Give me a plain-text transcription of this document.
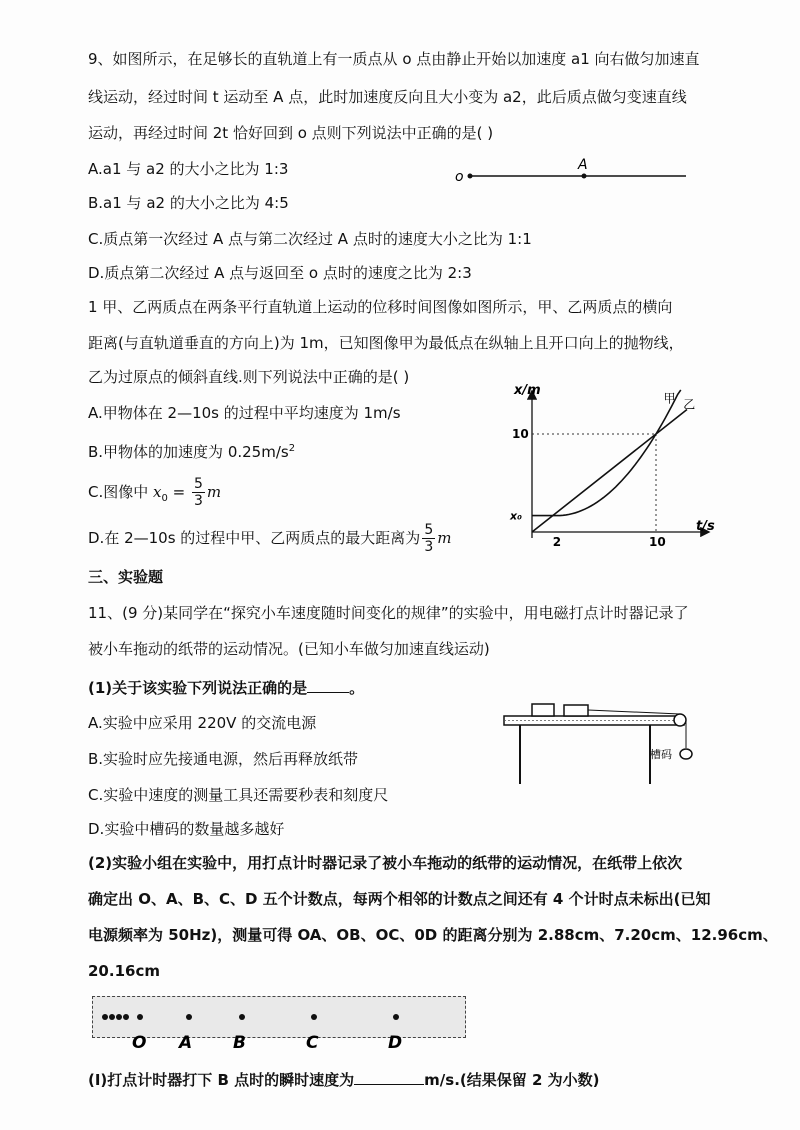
9、如图所示，在足够长的直轨道上有一质点从 o 点由静止开始以加速度 a1 向右做匀加速直
线运动，经过时间 t 运动至 A 点，此时加速度反向且大小变为 a2，此后质点做匀变速直线
运动，再经过时间 2t 恰好回到 o 点则下列说法中正确的是( )
A.a1 与 a2 的大小之比为 1:3
B.a1 与 a2 的大小之比为 4:5
C.质点第一次经过 A 点与第二次经过 A 点时的速度大小之比为 1:1
D.质点第二次经过 A 点与返回至 o 点时的速度之比为 2:3
o
A
1 甲、乙两质点在两条平行直轨道上运动的位移时间图像如图所示，甲、乙两质点的横向
距离(与直轨道垂直的方向上)为 1m，已知图像甲为最低点在纵轴上且开口向上的抛物线，
乙为过原点的倾斜直线.则下列说法中正确的是( )
A.甲物体在 2—10s 的过程中平均速度为 1m/s
B.甲物体的加速度为 $0.25m/s^2$
C.图像中 $x_0 = \frac{5}{3}$ m
D.在 2—10s 的过程中甲、乙两质点的最大距离为 $\frac{5}{3}$ m
x/m
t/s
2	10
x₀
10
甲 乙
三、实验题
11、(9 分)某同学在“探究小车速度随时间变化的规律”的实验中，用电磁打点计时器记录了
被小车拖动的纸带的运动情况。(已知小车做匀加速直线运动)
(1)关于该实验下列说法正确的是	。
A.实验中应采用 220V 的交流电源
B.实验时应先接通电源，然后再释放纸带
C.实验中速度的测量工具还需要秒表和刻度尺
D.实验中槽码的数量越多越好
槽码
(2)实验小组在实验中，用打点计时器记录了被小车拖动的纸带的运动情况，在纸带上依次
确定出 O、A、B、C、D 五个计数点，每两个相邻的计数点之间还有 4 个计时点未标出(已知
电源频率为 50Hz)，测量可得 OA、OB、OC、0D 的距离分别为 2.88cm、7.20cm、12.96cm、
20.16cm
O A B	C	D
(Ⅰ)打点计时器打下 B 点时的瞬时速度为	m/s.(结果保留 2 为小数)
